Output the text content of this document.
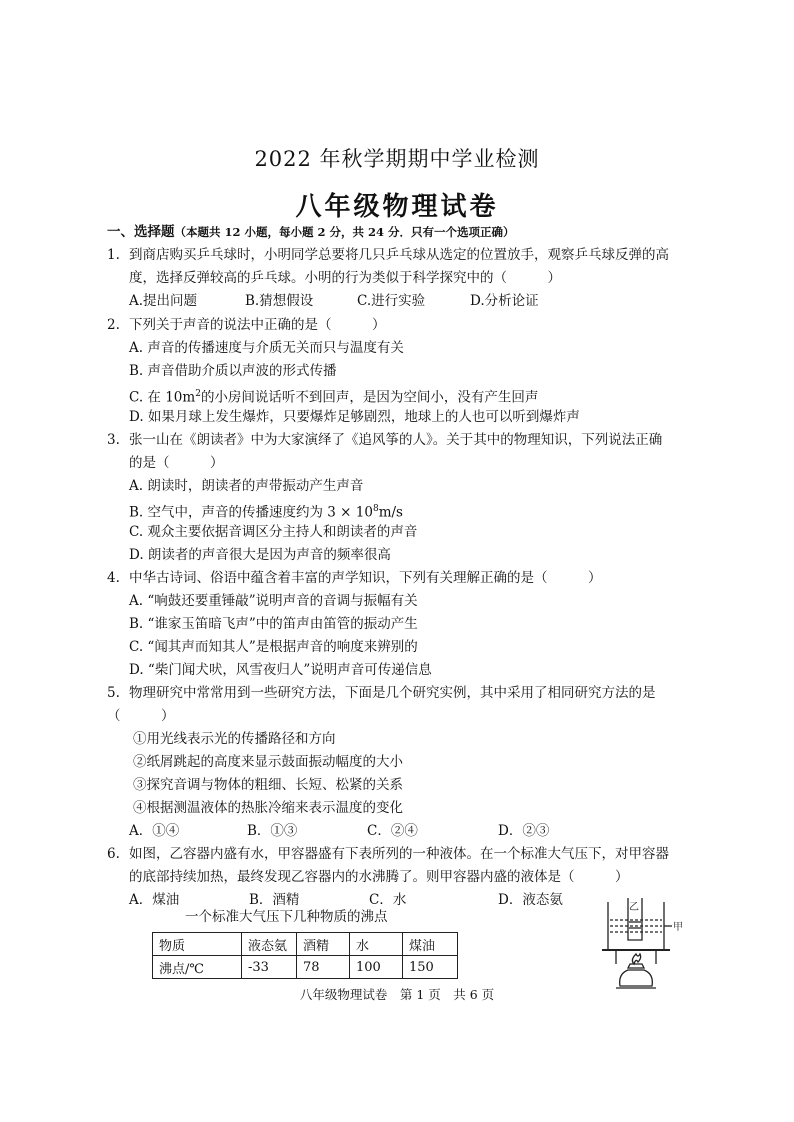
2022 年秋学期期中学业检测
八年级物理试卷
一、选择题（本题共 12 小题，每小题 2 分，共 24 分．只有一个选项正确）
1. 到商店购买乒乓球时，小明同学总要将几只乒乓球从选定的位置放手，观察乒乓球反弹的高
度，选择反弹较高的乒乓球。小明的行为类似于科学探究中的（　　　）
A.提出问题	B.猜想假设	C.进行实验	D.分析论证
2. 下列关于声音的说法中正确的是（　　　）
A. 声音的传播速度与介质无关而只与温度有关
B. 声音借助介质以声波的形式传播
C. 在 $10m^2$的小房间说话听不到回声，是因为空间小，没有产生回声
D. 如果月球上发生爆炸，只要爆炸足够剧烈，地球上的人也可以听到爆炸声
3. 张一山在《朗读者》中为大家演绎了《追风筝的人》。关于其中的物理知识，下列说法正确
的是（　　　）
A. 朗读时，朗读者的声带振动产生声音
B. 空气中，声音的传播速度约为 $3 \times 10^8m/s$
C. 观众主要依据音调区分主持人和朗读者的声音
D. 朗读者的声音很大是因为声音的频率很高
4. 中华古诗词、俗语中蕴含着丰富的声学知识，下列有关理解正确的是（　　　）
A. “响鼓还要重锤敲”说明声音的音调与振幅有关
B. “谁家玉笛暗飞声”中的笛声由笛管的振动产生
C. “闻其声而知其人”是根据声音的响度来辨别的
D. “柴门闻犬吠，风雪夜归人”说明声音可传递信息
5. 物理研究中常常用到一些研究方法，下面是几个研究实例，其中采用了相同研究方法的是
（　　　）
①用光线表示光的传播路径和方向
②纸屑跳起的高度来显示鼓面振动幅度的大小
③探究音调与物体的粗细、长短、松紧的关系
④根据测温液体的热胀冷缩来表示温度的变化
A．①④	B．①③	C．②④	D．②③
6. 如图，乙容器内盛有水，甲容器盛有下表所列的一种液体。在一个标准大气压下，对甲容器
的底部持续加热，最终发现乙容器内的水沸腾了。则甲容器内盛的液体是（　　　）
A．煤油	B．酒精	C．水	D．液态氨
一个标准大气压下几种物质的沸点
物质	液态氨	酒精	水	煤油
沸点/℃	-33	78	100	150
乙
甲
八年级物理试卷　第 1 页　共 6 页
